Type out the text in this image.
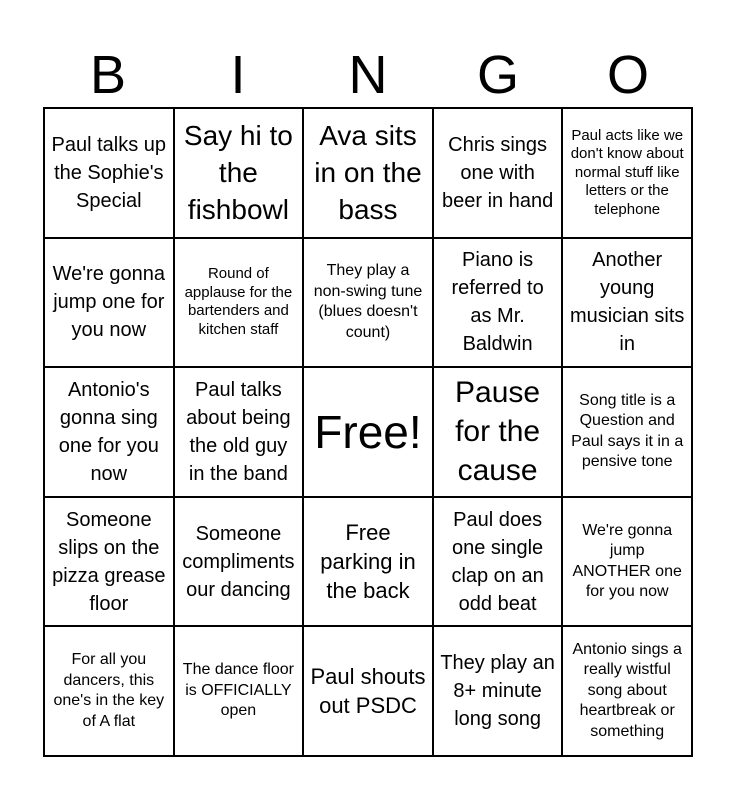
B	I	N	G	O
Paul talks up the Sophie's Special
Say hi to the fishbowl
Ava sits in on the bass
Chris sings one with beer in hand
Paul acts like we don't know about normal stuff like letters or the telephone
We're gonna jump one for you now
Round of applause for the bartenders and kitchen staff
They play a non-swing tune (blues doesn't count)
Piano is referred to as Mr. Baldwin
Another young musician sits in
Antonio's gonna sing one for you now
Paul talks about being the old guy in the band
Free!
Pause for the cause
Song title is a Question and Paul says it in a pensive tone
Someone slips on the pizza grease floor
Someone compliments our dancing
Free parking in the back
Paul does one single clap on an odd beat
We're gonna jump ANOTHER one for you now
For all you dancers, this one's in the key of A flat
The dance floor is OFFICIALLY open
Paul shouts out PSDC
They play an 8+ minute long song
Antonio sings a really wistful song about heartbreak or something
